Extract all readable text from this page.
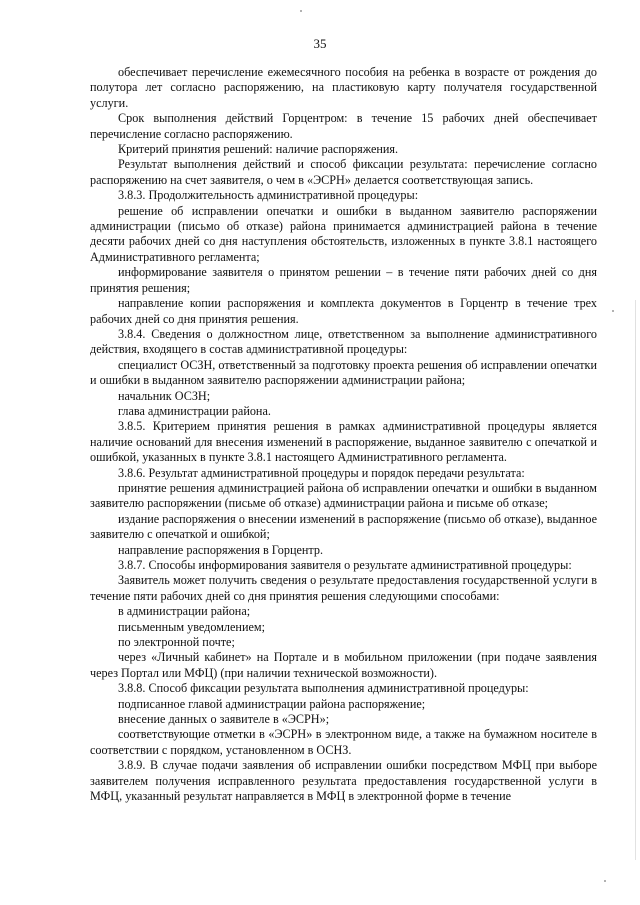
35

обеспечивает перечисление ежемесячного пособия на ребенка в возрасте от рождения до полутора лет согласно распоряжению, на пластиковую карту получателя государственной услуги.

Срок выполнения действий Горцентром: в течение 15 рабочих дней обеспечивает перечисление согласно распоряжению.

Критерий принятия решений: наличие распоряжения.

Результат выполнения действий и способ фиксации результата: перечисление согласно распоряжению на счет заявителя, о чем в «ЭСРН» делается соответствующая запись.

3.8.3. Продолжительность административной процедуры:

решение об исправлении опечатки и ошибки в выданном заявителю распоряжении администрации (письмо об отказе) района принимается администрацией района в течение десяти рабочих дней со дня наступления обстоятельств, изложенных в пункте 3.8.1 настоящего Административного регламента;

информирование заявителя о принятом решении – в течение пяти рабочих дней со дня принятия решения;

направление копии распоряжения и комплекта документов в Горцентр в течение трех рабочих дней со дня принятия решения.

3.8.4. Сведения о должностном лице, ответственном за выполнение административного действия, входящего в состав административной процедуры:

специалист ОСЗН, ответственный за подготовку проекта решения об исправлении опечатки и ошибки в выданном заявителю распоряжении администрации района;

начальник ОСЗН;

глава администрации района.

3.8.5. Критерием принятия решения в рамках административной процедуры является наличие оснований для внесения изменений в распоряжение, выданное заявителю с опечаткой и ошибкой, указанных в пункте 3.8.1 настоящего Административного регламента.

3.8.6. Результат административной процедуры и порядок передачи результата:

принятие решения администрацией района об исправлении опечатки и ошибки в выданном заявителю распоряжении (письме об отказе) администрации района и письме об отказе;

издание распоряжения о внесении изменений в распоряжение (письмо об отказе), выданное заявителю с опечаткой и ошибкой;

направление распоряжения в Горцентр.

3.8.7. Способы информирования заявителя о результате административной процедуры:

Заявитель может получить сведения о результате предоставления государственной услуги в течение пяти рабочих дней со дня принятия решения следующими способами:

в администрации района;

письменным уведомлением;

по электронной почте;

через «Личный кабинет» на Портале и в мобильном приложении (при подаче заявления через Портал или МФЦ) (при наличии технической возможности).

3.8.8. Способ фиксации результата выполнения административной процедуры:

подписанное главой администрации района распоряжение;

внесение данных о заявителе в «ЭСРН»;

соответствующие отметки в «ЭСРН» в электронном виде, а также на бумажном носителе в соответствии с порядком, установленном в ОСНЗ.

3.8.9. В случае подачи заявления об исправлении ошибки посредством МФЦ при выборе заявителем получения исправленного результата предоставления государственной услуги в МФЦ, указанный результат направляется в МФЦ в электронной форме в течение
